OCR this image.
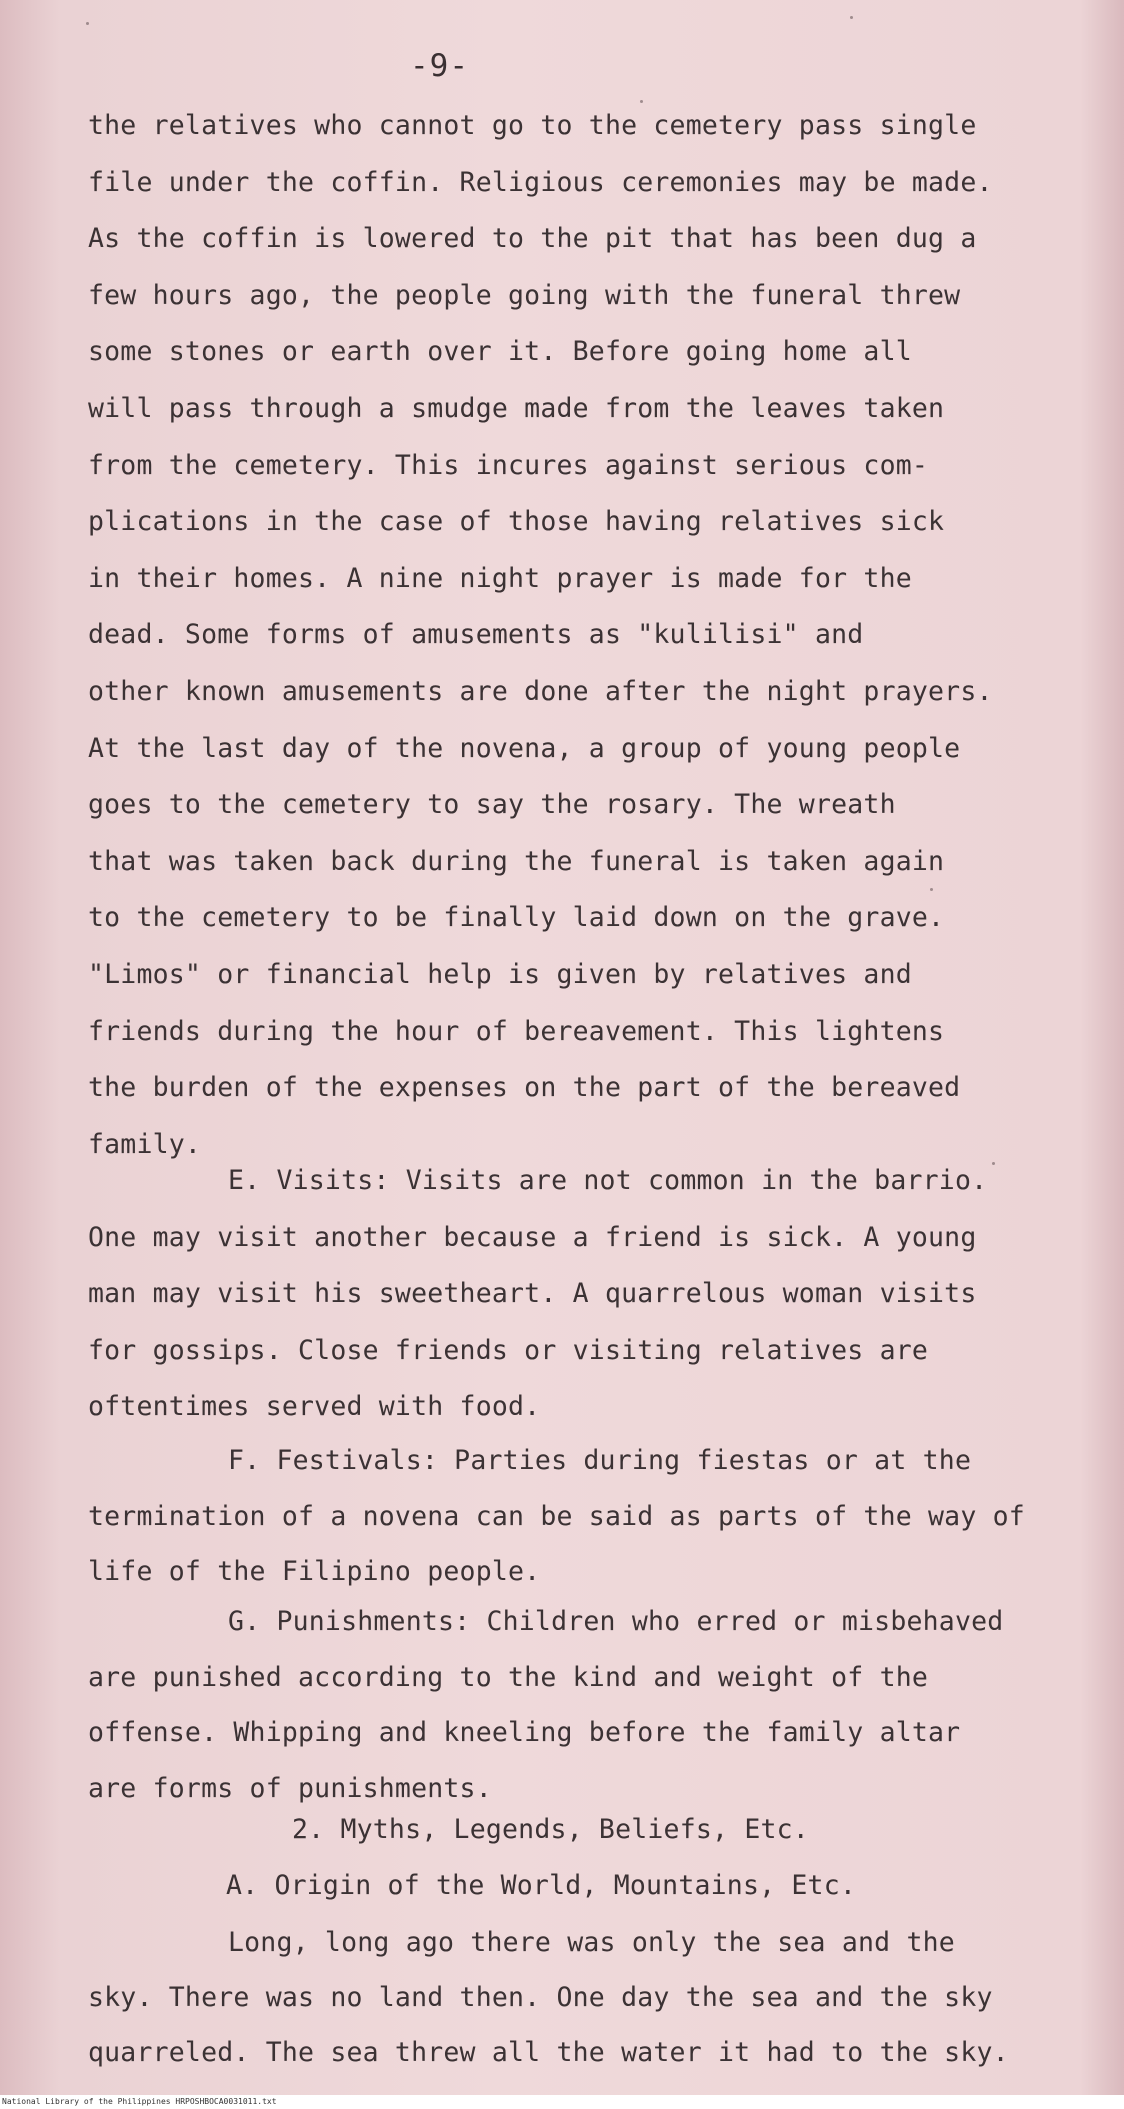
-9-
the relatives who cannot go to the cemetery pass single
file under the coffin. Religious ceremonies may be made.
As the coffin is lowered to the pit that has been dug a
few hours ago, the people going with the funeral threw
some stones or earth over it. Before going home all
will pass through a smudge made from the leaves taken
from the cemetery. This incures against serious com-
plications in the case of those having relatives sick
in their homes. A nine night prayer is made for the
dead. Some forms of amusements as "kulilisi" and
other known amusements are done after the night prayers.
At the last day of the novena, a group of young people
goes to the cemetery to say the rosary. The wreath
that was taken back during the funeral is taken again
to the cemetery to be finally laid down on the grave.
"Limos" or financial help is given by relatives and
friends during the hour of bereavement. This lightens
the burden of the expenses on the part of the bereaved
family.
E. Visits: Visits are not common in the barrio.
One may visit another because a friend is sick. A young
man may visit his sweetheart. A quarrelous woman visits
for gossips. Close friends or visiting relatives are
oftentimes served with food.
F. Festivals: Parties during fiestas or at the
termination of a novena can be said as parts of the way of
life of the Filipino people.
G. Punishments: Children who erred or misbehaved
are punished according to the kind and weight of the
offense. Whipping and kneeling before the family altar
are forms of punishments.
2. Myths, Legends, Beliefs, Etc.
A. Origin of the World, Mountains, Etc.
Long, long ago there was only the sea and the
sky. There was no land then. One day the sea and the sky
quarreled. The sea threw all the water it had to the sky.
National Library of the Philippines HRPOSHBOCA0031011.txt
